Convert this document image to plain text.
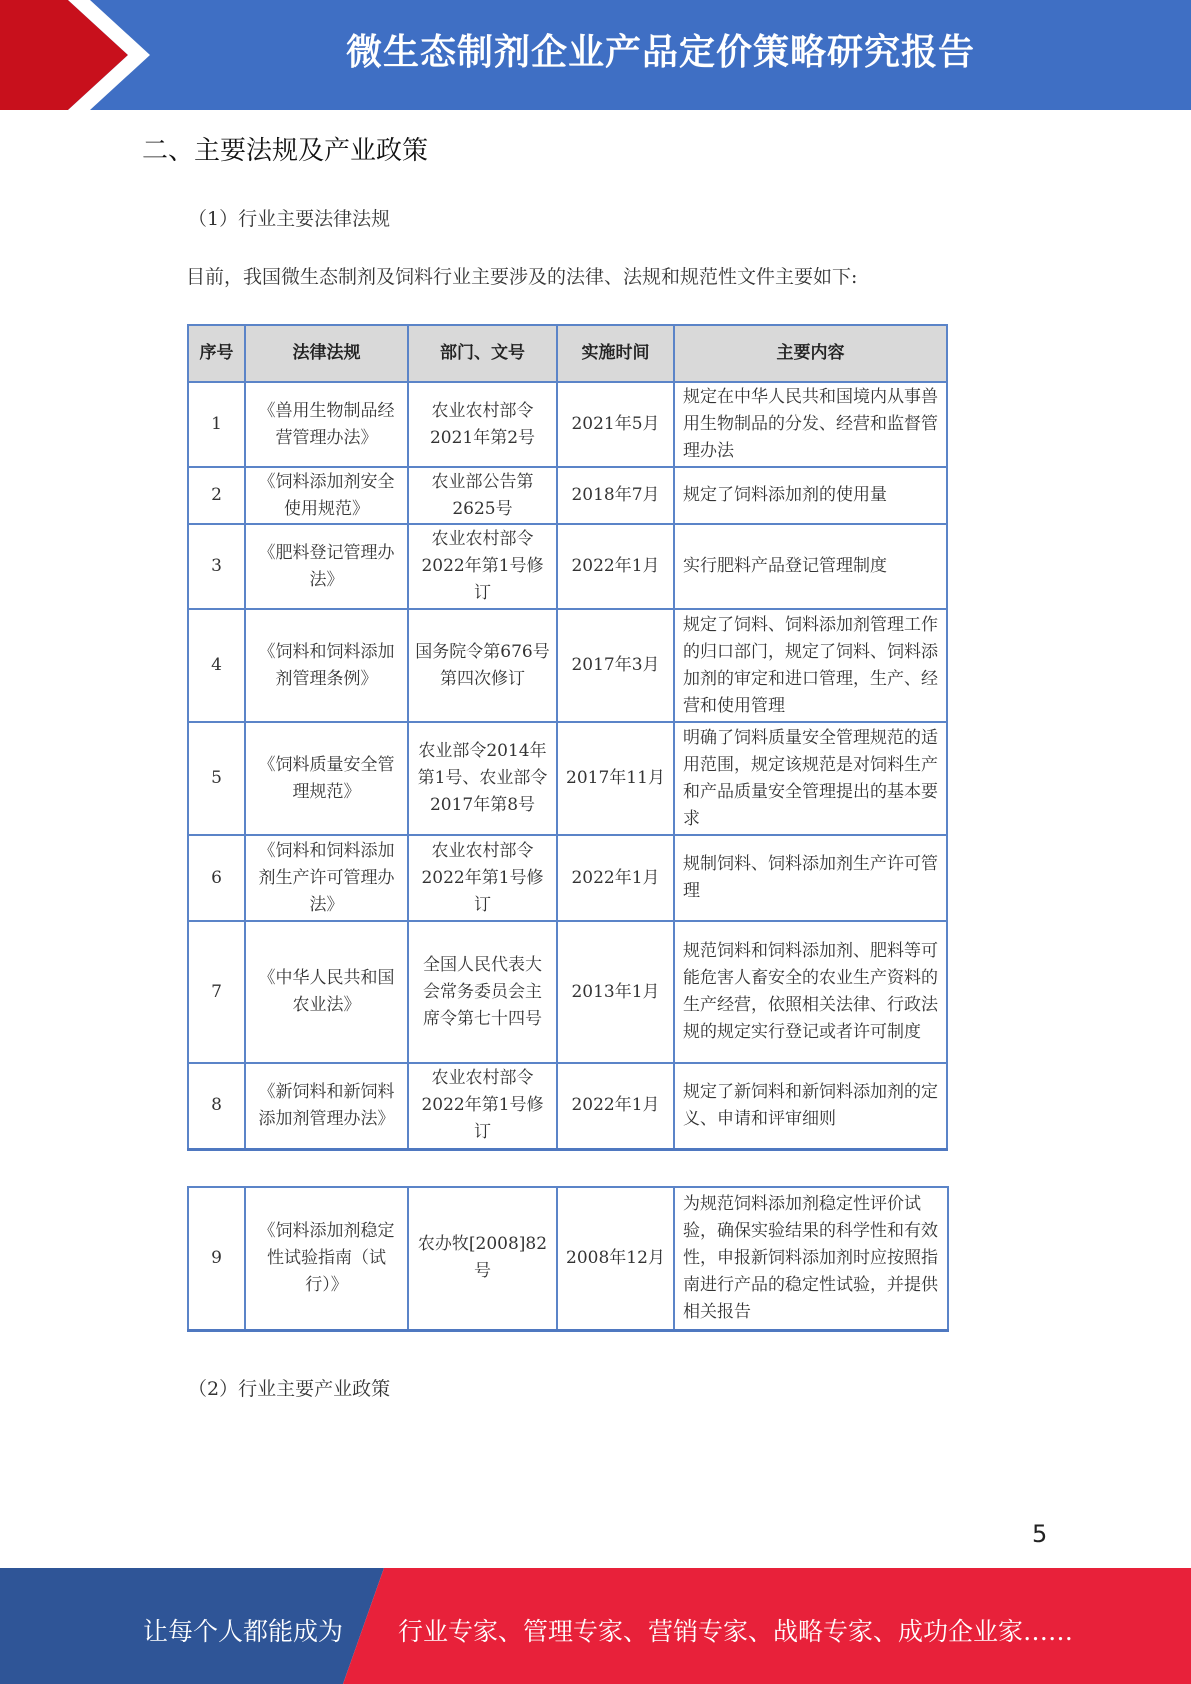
微生态制剂企业产品定价策略研究报告
二、主要法规及产业政策
（1）行业主要法律法规
目前，我国微生态制剂及饲料行业主要涉及的法律、法规和规范性文件主要如下:
序号	法律法规	部门、文号	实施时间	主要内容
1	《兽用生物制品经营管理办法》	农业农村部令2021年第2号	2021年5月	规定在中华人民共和国境内从事兽用生物制品的分发、经营和监督管理办法
2	《饲料添加剂安全使用规范》	农业部公告第2625号	2018年7月	规定了饲料添加剂的使用量
3	《肥料登记管理办法》	农业农村部令2022年第1号修订	2022年1月	实行肥料产品登记管理制度
4	《饲料和饲料添加剂管理条例》	国务院令第676号第四次修订	2017年3月	规定了饲料、饲料添加剂管理工作的归口部门，规定了饲料、饲料添加剂的审定和进口管理，生产、经营和使用管理
5	《饲料质量安全管理规范》	农业部令2014年第1号、农业部令2017年第8号	2017年11月	明确了饲料质量安全管理规范的适用范围，规定该规范是对饲料生产和产品质量安全管理提出的基本要求
6	《饲料和饲料添加剂生产许可管理办法》	农业农村部令2022年第1号修订	2022年1月	规制饲料、饲料添加剂生产许可管理
7	《中华人民共和国农业法》	全国人民代表大会常务委员会主席令第七十四号	2013年1月	规范饲料和饲料添加剂、肥料等可能危害人畜安全的农业生产资料的生产经营，依照相关法律、行政法规的规定实行登记或者许可制度
8	《新饲料和新饲料添加剂管理办法》	农业农村部令2022年第1号修订	2022年1月	规定了新饲料和新饲料添加剂的定义、申请和评审细则
9	《饲料添加剂稳定性试验指南（试行）》	农办牧[2008]82号	2008年12月	为规范饲料添加剂稳定性评价试验，确保实验结果的科学性和有效性，申报新饲料添加剂时应按照指南进行产品的稳定性试验，并提供相关报告
（2）行业主要产业政策
5
让每个人都能成为 行业专家、管理专家、营销专家、战略专家、成功企业家……
